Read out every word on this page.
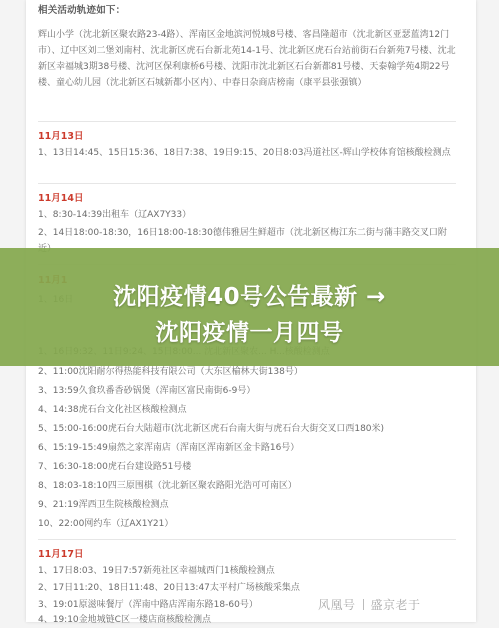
相关活动轨迹如下：

辉山小学（沈北新区聚农路23-4路）、浑南区金地滨河悦城8号楼、客昌隆超市（沈北新区亚瑟蓝湾12门市）、辽中区刘二堡刘南村、沈北新区虎石台新北苑14-1号、沈北新区虎石台站前街石台新苑7号楼、沈北新区幸福城3期38号楼、沈河区保利康桥6号楼、沈阳市沈北新区石台新都81号楼、天泰翰学苑4期22号楼、童心幼儿园（沈北新区石城新都小区内）、中春日杂商店榜南（康平县张强镇）

11月13日

1、13日14:45、15日15:36、18日7:38、19日9:15、20日8:03冯道社区-辉山学校体育馆核酸检测点

11月14日

1、8:30-14:39出租车（辽AX7Y33）

2、14日18:00-18:30，16日18:00-18:30德伟雅居生鲜超市（沈北新区梅江东二街与蒲丰路交叉口附

2、11:00沈阳耐尔得热能科技有限公司（大东区榆林大街138号）

3、13:59久食玖番香砂锅煲（浑南区富民南街6-9号）

4、14:38虎石台文化社区核酸检测点

5、15:00-16:00虎石台大陆超市(沈北新区虎石台南大街与虎石台大街交叉口西180米)

6、15:19-15:49扇然之家浑南店（浑南区浑南新区金卡路16号）

7、16:30-18:00虎石台建设路51号楼

8、18:03-18:10四三原围棋（沈北新区聚农路阳光浩可可南区）

9、21:19浑西卫生院核酸检测点

10、22:00网约车（辽AX1Y21）

11月17日

1、17日8:03、19日7:57新苑社区幸福城西门1核酸检测点

2、17日11:20、18日11:48、20日13:47太平村广场核酸采集点

3、19:01原滋味餐厅（浑南中路店浑南东路18-60号）

4、19:10金地城链C区一楼店商核酸检测点

沈阳疫情40号公告最新 →
沈阳疫情一月四号
风凰号 盛京老于
